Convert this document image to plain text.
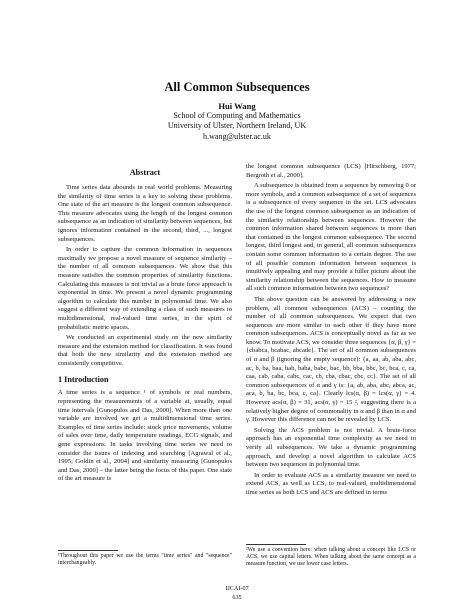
All Common Subsequences
Hui Wang
School of Computing and Mathematics
University of Ulster, Northern Ireland, UK
h.wang@ulster.ac.uk
Abstract

Time series data abounds in real world problems. Measuring the similarity of time series is a key to solving these problems. One state of the art measure is the longest common subsequence. This measure advocates using the length of the longest common subsequence as an indication of similarity between sequences, but ignores information contained in the second, third, ..., longest subsequences.

In order to capture the common information in sequences maximally we propose a novel measure of sequence similarity – the number of all common subsequences. We show that this measure satisfies the common properties of similarity functions. Calculating this measure is not trivial as a brute force approach is exponential in time. We present a novel dynamic programming algorithm to calculate this number in polynomial time. We also suggest a different way of extending a class of such measures to multidimensional, real-valued time series, in the spirit of probabilistic metric spaces.

We conducted an experimental study on the new similarity measure and the extension method for classification. It was found that both the new similarity and the extension method are consistently competitive.

1 Introduction

A time series is a sequence ¹ of symbols or real numbers, representing the measurements of a variable at, usually, equal time intervals [Gunopulos and Das, 2000]. When more than one variable are involved we get a multidimensional time series. Examples of time series include: stock price movements, volume of sales over time, daily temperature readings, ECG signals, and gene expressions. In tasks involving time series we need to consider the issues of indexing and searching [Agrawal et al., 1995; Goldin et al., 2004] and similarity measuring [Gunopulos and Das, 2000] – the latter being the focus of this paper. One state of the art measure is

the longest common subsequence (LCS) [Hirschberg, 1977; Bergroth et al., 2000].

A subsequence is obtained from a sequence by removing 0 or more symbols, and a common subsequence of a set of sequences is a subsequence of every sequence in the set. LCS advocates the use of the longest common subsequence as an indication of the similarity relationship between sequences. However the common information shared between sequences is more than that contained in the longest common subsequence. The second longest, third longest and, in general, all common subsequences contain some common information to a certain degree. The use of all possible common information between sequences is intuitively appealing and may provide a fuller picture about the similarity relationship between the sequences. How to measure all such common information between two sequences?

The above question can be answered by addressing a new problem, all common subsequences (ACS) – counting the number of all common subsequences. We expect that two sequences are more similar to each other if they have more common subsequences. ACS is conceptually novel as far as we know. To motivate ACS, we consider three sequences {α, β, γ} = {cbabca, bcabac, abcade}. The set of all common subsequences of α and β (ignoring the empty sequence): {a, aa, ab, aba, abc, ac, b, ba, baa, bab, baba, babc, bac, bb, bba, bbc, bc, bca, c, ca, caa, cab, caba, cabc, cac, cb, cba, cbac, cbc, cc}. The set of all common subsequences of α and γ is: {a, ab, aba, abc, abca, ac, aca, b, ba, bc, bca, c, ca}. Clearly lcs(α, β) = lcs(α, γ) = 4. However acs(α, β) = 31, acs(α, γ) = 15 ², suggesting there is a relatively higher degree of commonality in α and β than in α and γ. However this difference can not be revealed by LCS.

Solving the ACS problem is not trivial. A brute-force approach has an exponential time complexity as we need to verify all subsequences. We take a dynamic programming approach, and develop a novel algorithm to calculate ACS between two sequences in polynomial time.

In order to evaluate ACS as a similarity measure we need to extend ACS, as well as LCS, to real-valued, multidimensional time series as both LCS and ACS are defined in terms

¹Throughout this paper we use the terms "time series" and "sequence" interchangeably.
²We use a convention here: when talking about a concept like LCS or ACS, we use capital letters. When talking about the same concept as a measure function, we use lower case letters.
IJCAI-07
635
